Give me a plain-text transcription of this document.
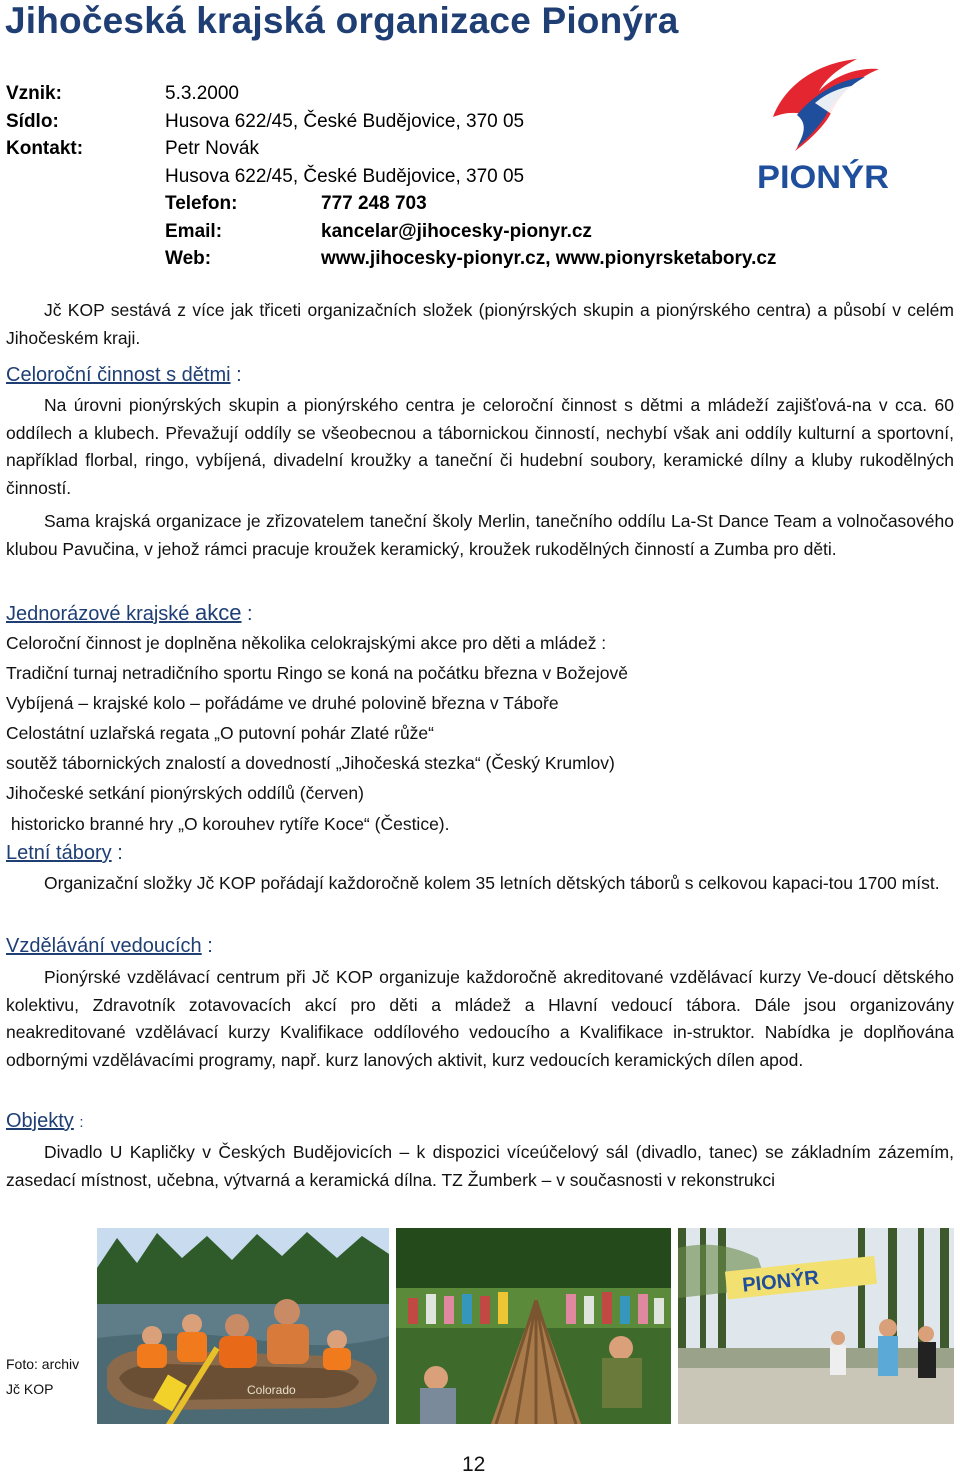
Jihočeská krajská organizace Pionýra
Vznik:	5.3.2000
Sídlo:	Husova 622/45, České Budějovice, 370 05
Kontakt:	Petr Novák
Husova 622/45, České Budějovice, 370 05
Telefon:	777 248 703
Email:	kancelar@jihocesky-pionyr.cz
Web:	www.jihocesky-pionyr.cz, www.pionyrsketabory.cz
PIONÝR
Jč KOP sestává z více jak třiceti organizačních složek (pionýrských skupin a pionýrského centra) a působí v celém Jihočeském kraji.
Celoroční činnost s dětmi :
Na úrovni pionýrských skupin a pionýrského centra je celoroční činnost s dětmi a mládeží zajišťová-na v cca. 60 oddílech a klubech. Převažují oddíly se všeobecnou a tábornickou činností, nechybí však ani oddíly kulturní a sportovní, například florbal, ringo, vybíjená, divadelní kroužky a taneční či hudební soubory, keramické dílny a kluby rukodělných činností.
Sama krajská organizace je zřizovatelem taneční školy Merlin, tanečního oddílu La-St Dance Team a volnočasového klubou Pavučina, v jehož rámci pracuje kroužek keramický, kroužek rukodělných činností a Zumba pro děti.
Jednorázové krajské akce :
Celoroční činnost je doplněna několika celokrajskými akce pro děti a mládež :
Tradiční turnaj netradičního sportu Ringo se koná na počátku března v Božejově
Vybíjená – krajské kolo – pořádáme ve druhé polovině března v Táboře
Celostátní uzlařská regata „O putovní pohár Zlaté růže“
soutěž tábornických znalostí a dovedností „Jihočeská stezka“ (Český Krumlov)
Jihočeské setkání pionýrských oddílů (červen)
historicko branné hry „O korouhev rytíře Koce“ (Čestice).
Letní tábory :
Organizační složky Jč KOP pořádají každoročně kolem 35 letních dětských táborů s celkovou kapaci-tou 1700 míst.
Vzdělávání vedoucích :
Pionýrské vzdělávací centrum při Jč KOP organizuje každoročně akreditované vzdělávací kurzy Ve-doucí dětského kolektivu, Zdravotník zotavovacích akcí pro děti a mládež a Hlavní vedoucí tábora. Dále jsou organizovány neakreditované vzdělávací kurzy Kvalifikace oddílového vedoucího a Kvalifikace in-struktor. Nabídka je doplňována odbornými vzdělávacími programy, např. kurz lanových aktivit, kurz vedoucích keramických dílen apod.
Objekty :
Divadlo U Kapličky v Českých Budějovicích – k dispozici víceúčelový sál (divadlo, tanec) se základním zázemím, zasedací místnost, učebna, výtvarná a keramická dílna. TZ Žumberk – v současnosti v rekonstrukci
Foto: archiv
Jč KOP	Colorado
PIONÝR
12
